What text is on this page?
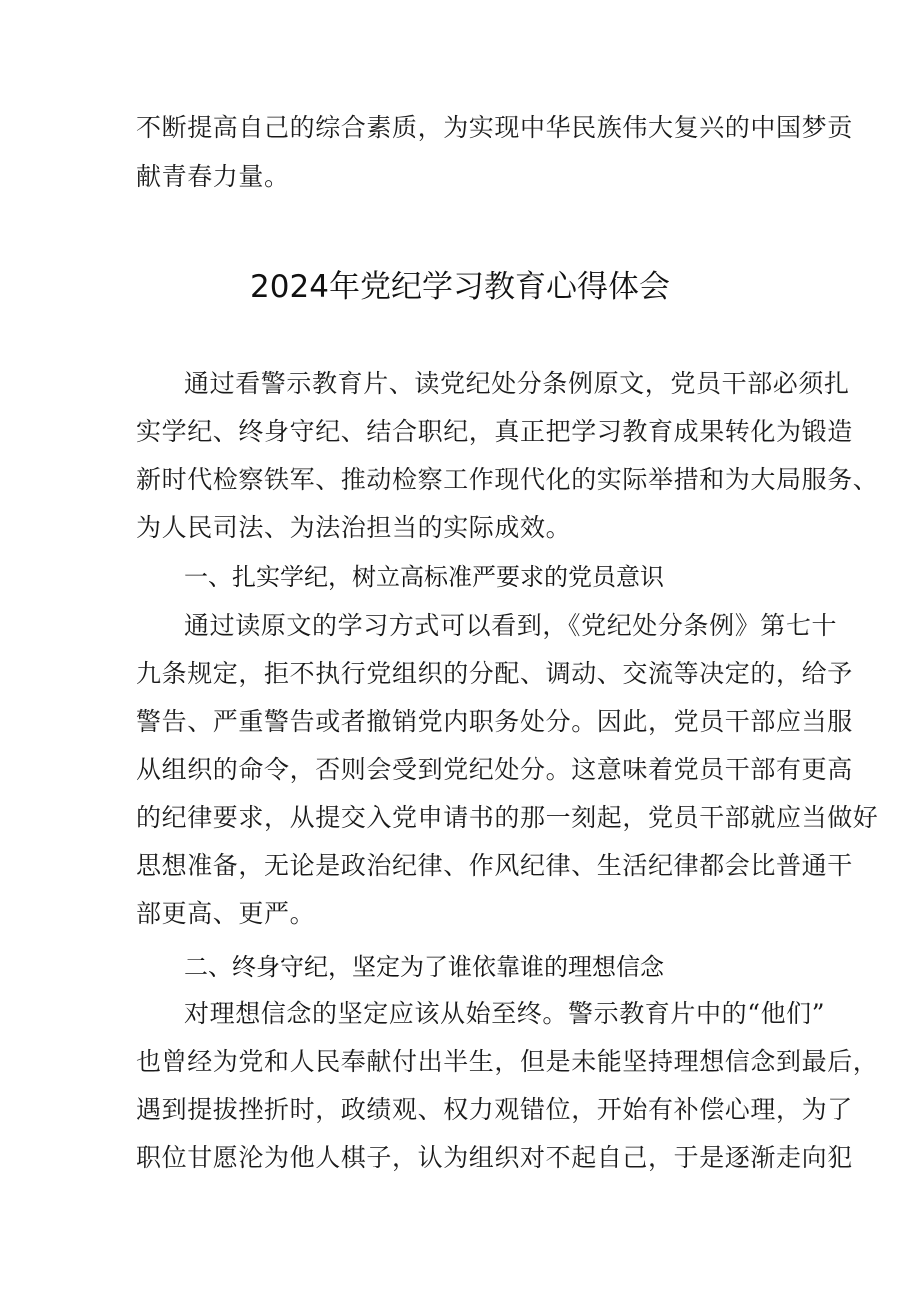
不断提高自己的综合素质，为实现中华民族伟大复兴的中国梦贡
献青春力量。
2024年党纪学习教育心得体会
通过看警示教育片、读党纪处分条例原文，党员干部必须扎
实学纪、终身守纪、结合职纪，真正把学习教育成果转化为锻造
新时代检察铁军、推动检察工作现代化的实际举措和为大局服务、
为人民司法、为法治担当的实际成效。
一、扎实学纪，树立高标准严要求的党员意识
通过读原文的学习方式可以看到，《党纪处分条例》第七十
九条规定，拒不执行党组织的分配、调动、交流等决定的，给予
警告、严重警告或者撤销党内职务处分。因此，党员干部应当服
从组织的命令，否则会受到党纪处分。这意味着党员干部有更高
的纪律要求，从提交入党申请书的那一刻起，党员干部就应当做好
思想准备，无论是政治纪律、作风纪律、生活纪律都会比普通干
部更高、更严。
二、终身守纪，坚定为了谁依靠谁的理想信念
对理想信念的坚定应该从始至终。警示教育片中的“他们”
也曾经为党和人民奉献付出半生，但是未能坚持理想信念到最后，
遇到提拔挫折时，政绩观、权力观错位，开始有补偿心理，为了
职位甘愿沦为他人棋子，认为组织对不起自己，于是逐渐走向犯
